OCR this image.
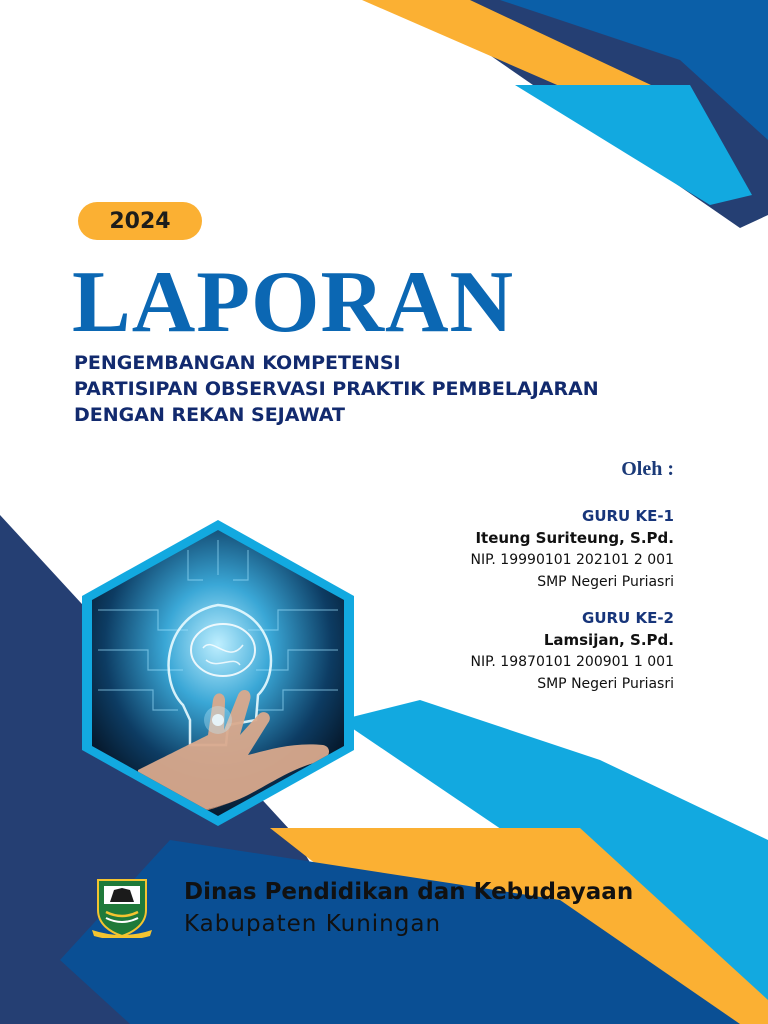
2024
LAPORAN
PENGEMBANGAN KOMPETENSI
PARTISIPAN OBSERVASI PRAKTIK PEMBELAJARAN
DENGAN REKAN SEJAWAT
Oleh :
GURU KE-1
Iteung Suriteung, S.Pd.
NIP. 19990101 202101 2 001
SMP Negeri Puriasri
GURU KE-2
Lamsijan, S.Pd.
NIP. 19870101 200901 1 001
SMP Negeri Puriasri
Dinas Pendidikan dan Kebudayaan
Kabupaten Kuningan
